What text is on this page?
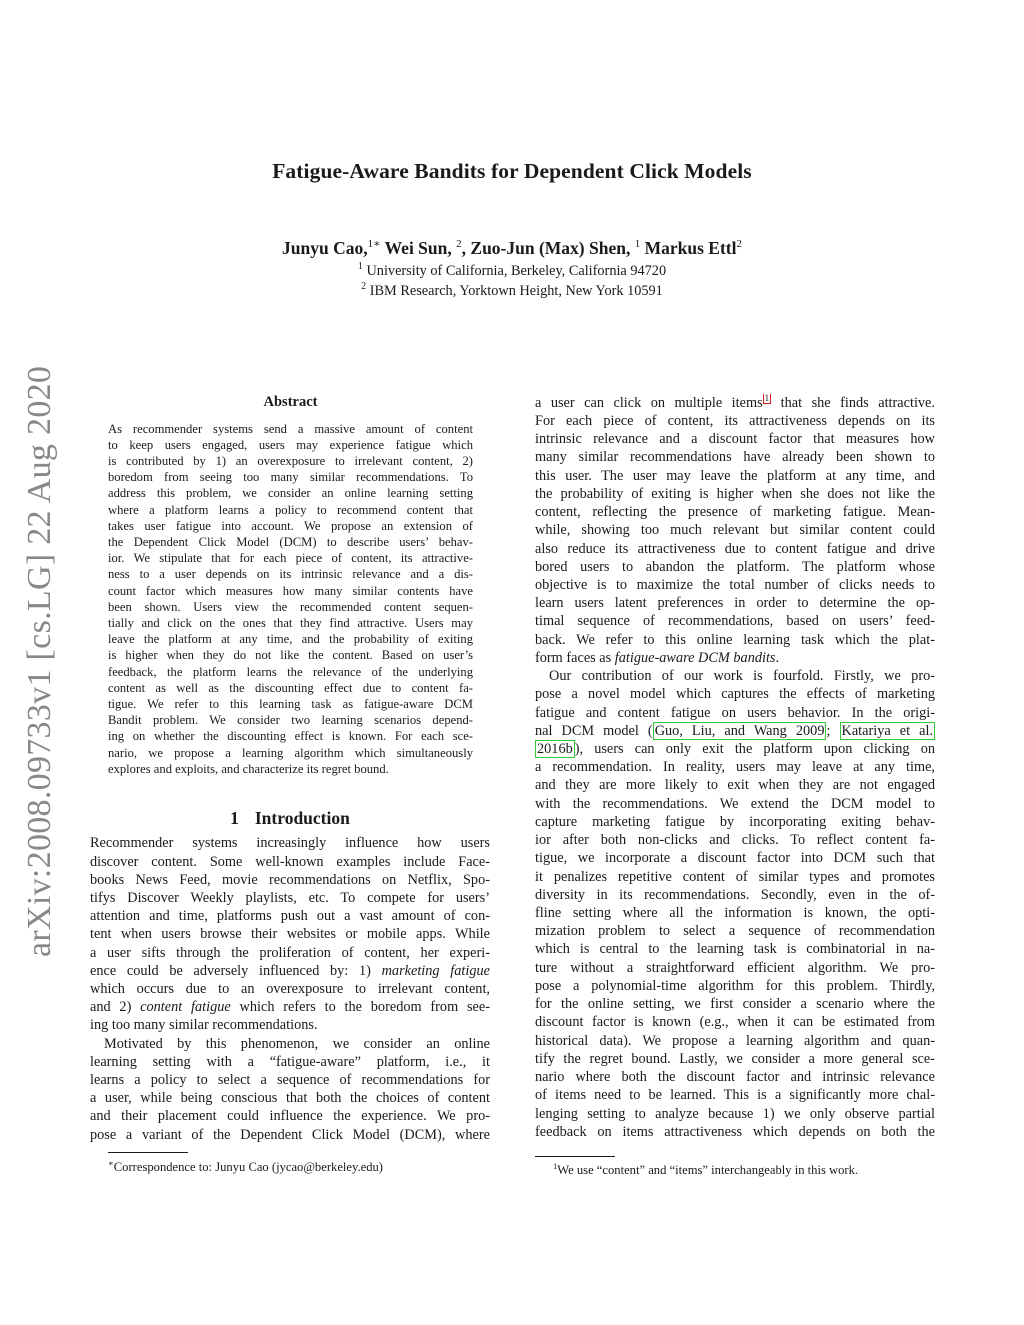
arXiv:2008.09733v1 [cs.LG] 22 Aug 2020
Fatigue-Aware Bandits for Dependent Click Models
Junyu Cao,$^{1∗}$ Wei Sun, $^2$, Zuo-Jun (Max) Shen, $^1$ Markus Ettl$^2$
$^1$ University of California, Berkeley, California 94720
$^2$ IBM Research, Yorktown Height, New York 10591
Abstract
As recommender systems send a massive amount of content
to keep users engaged, users may experience fatigue which
is contributed by 1) an overexposure to irrelevant content, 2)
boredom from seeing too many similar recommendations. To
address this problem, we consider an online learning setting
where a platform learns a policy to recommend content that
takes user fatigue into account. We propose an extension of
the Dependent Click Model (DCM) to describe users’ behav-
ior. We stipulate that for each piece of content, its attractive-
ness to a user depends on its intrinsic relevance and a dis-
count factor which measures how many similar contents have
been shown. Users view the recommended content sequen-
tially and click on the ones that they find attractive. Users may
leave the platform at any time, and the probability of exiting
is higher when they do not like the content. Based on user’s
feedback, the platform learns the relevance of the underlying
content as well as the discounting effect due to content fa-
tigue. We refer to this learning task as fatigue-aware DCM
Bandit problem. We consider two learning scenarios depend-
ing on whether the discounting effect is known. For each sce-
nario, we propose a learning algorithm which simultaneously
explores and exploits, and characterize its regret bound.
1 Introduction
Recommender systems increasingly influence how users
discover content. Some well-known examples include Face-
books News Feed, movie recommendations on Netflix, Spo-
tifys Discover Weekly playlists, etc. To compete for users’
attention and time, platforms push out a vast amount of con-
tent when users browse their websites or mobile apps. While
a user sifts through the proliferation of content, her experi-
ence could be adversely influenced by: 1) marketing fatigue
which occurs due to an overexposure to irrelevant content,
and 2) content fatigue which refers to the boredom from see-
ing too many similar recommendations.
Motivated by this phenomenon, we consider an online
learning setting with a “fatigue-aware” platform, i.e., it
learns a policy to select a sequence of recommendations for
a user, while being conscious that both the choices of content
and their placement could influence the experience. We pro-
pose a variant of the Dependent Click Model (DCM), where
∗Correspondence to: Junyu Cao (jycao@berkeley.edu)
a user can click on multiple items $^1$ that she finds attractive.
For each piece of content, its attractiveness depends on its
intrinsic relevance and a discount factor that measures how
many similar recommendations have already been shown to
this user. The user may leave the platform at any time, and
the probability of exiting is higher when she does not like the
content, reflecting the presence of marketing fatigue. Mean-
while, showing too much relevant but similar content could
also reduce its attractiveness due to content fatigue and drive
bored users to abandon the platform. The platform whose
objective is to maximize the total number of clicks needs to
learn users latent preferences in order to determine the op-
timal sequence of recommendations, based on users’ feed-
back. We refer to this online learning task which the plat-
form faces as fatigue-aware DCM bandits.
Our contribution of our work is fourfold. Firstly, we pro-
pose a novel model which captures the effects of marketing
fatigue and content fatigue on users behavior. In the origi-
nal DCM model ( Guo, Liu, and Wang 2009 ; Katariya et al.
2016b ), users can only exit the platform upon clicking on
a recommendation. In reality, users may leave at any time,
and they are more likely to exit when they are not engaged
with the recommendations. We extend the DCM model to
capture marketing fatigue by incorporating exiting behav-
ior after both non-clicks and clicks. To reflect content fa-
tigue, we incorporate a discount factor into DCM such that
it penalizes repetitive content of similar types and promotes
diversity in its recommendations. Secondly, even in the of-
fline setting where all the information is known, the opti-
mization problem to select a sequence of recommendation
which is central to the learning task is combinatorial in na-
ture without a straightforward efficient algorithm. We pro-
pose a polynomial-time algorithm for this problem. Thirdly,
for the online setting, we first consider a scenario where the
discount factor is known (e.g., when it can be estimated from
historical data). We propose a learning algorithm and quan-
tify the regret bound. Lastly, we consider a more general sce-
nario where both the discount factor and intrinsic relevance
of items need to be learned. This is a significantly more chal-
lenging setting to analyze because 1) we only observe partial
feedback on items attractiveness which depends on both the
$^1$We use “content” and “items” interchangeably in this work.
